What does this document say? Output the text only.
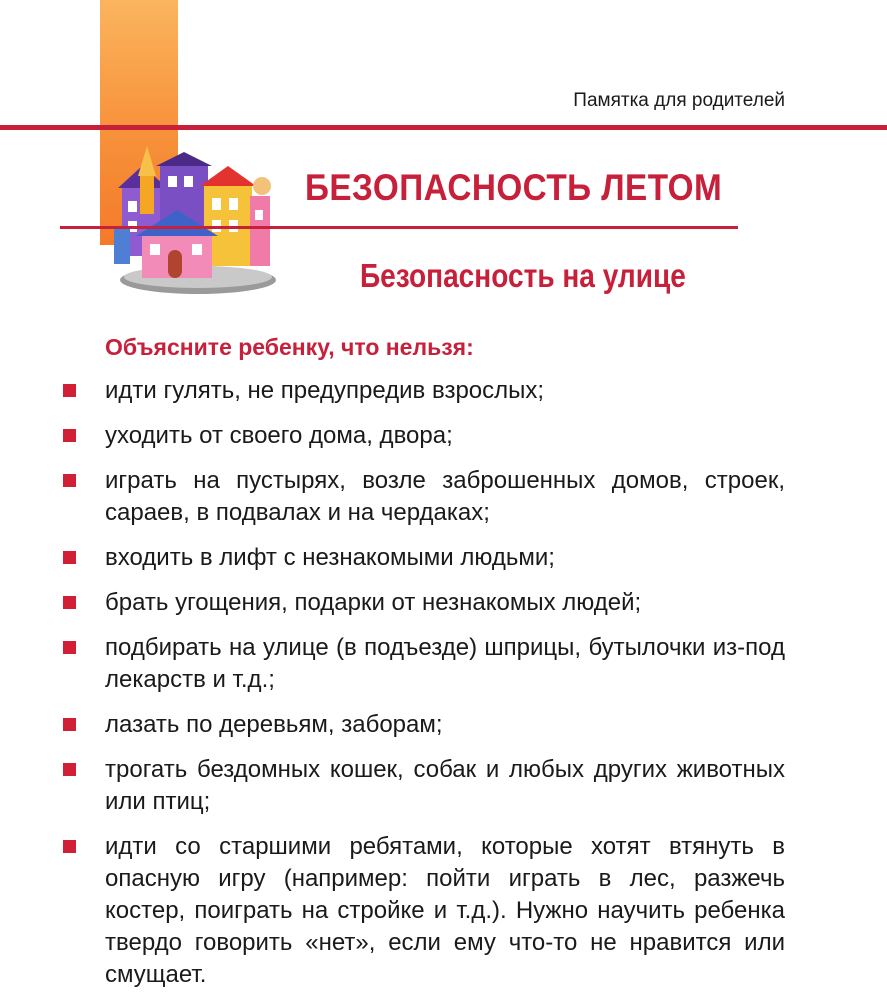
Памятка для родителей
БЕЗОПАСНОСТЬ ЛЕТОМ
Безопасность на улице
Объясните ребенку, что нельзя:
идти гулять, не предупредив взрослых;
уходить от своего дома, двора;
играть на пустырях, возле заброшенных домов, строек, сараев, в подвалах и на чердаках;
входить в лифт с незнакомыми людьми;
брать угощения, подарки от незнакомых людей;
подбирать на улице (в подъезде) шприцы, бутылочки из-под лекарств и т.д.;
лазать по деревьям, заборам;
трогать бездомных кошек, собак и любых других животных или птиц;
идти со старшими ребятами, которые хотят втянуть в опасную игру (например: пойти играть в лес, разжечь костер, поиграть на стройке и т.д.). Нужно научить ребенка твердо говорить «нет», если ему что-то не нравится или смущает.
